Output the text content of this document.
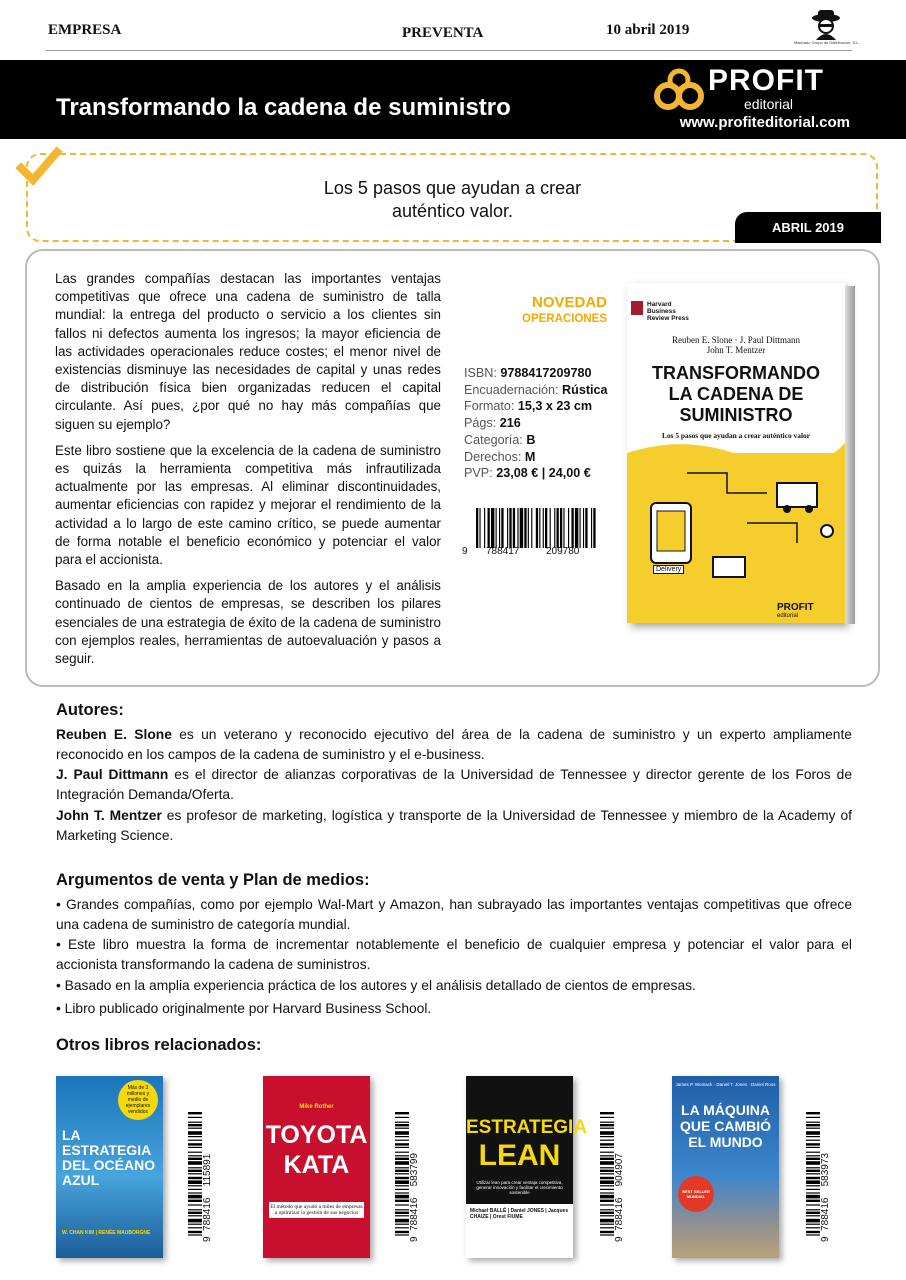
EMPRESA	PREVENTA	10 abril 2019
Machado Grupo de Distribución, S.L.
Transformando la cadena de suministro
PROFIT
editorial
www.profiteditorial.com
Los 5 pasos que ayudan a crear
auténtico valor.
ABRIL 2019

Las grandes compañías destacan las importantes ventajas competitivas que ofrece una cadena de suministro de talla mundial: la entrega del producto o servicio a los clientes sin fallos ni defectos aumenta los ingresos; la mayor eficiencia de las actividades operacionales reduce costes; el menor nivel de existencias disminuye las necesidades de capital y unas redes de distribución física bien organizadas reducen el capital circulante. Así pues, ¿por qué no hay más compañías que siguen su ejemplo?

Este libro sostiene que la excelencia de la cadena de suministro es quizás la herramienta competitiva más infrautilizada actualmente por las empresas. Al eliminar discontinuidades, aumentar eficiencias con rapidez y mejorar el rendimiento de la actividad a lo largo de este camino crítico, se puede aumentar de forma notable el beneficio económico y potenciar el valor para el accionista.

Basado en la amplia experiencia de los autores y el análisis continuado de cientos de empresas, se describen los pilares esenciales de una estrategia de éxito de la cadena de suministro con ejemplos reales, herramientas de autoevaluación y pasos a seguir.

NOVEDAD
OPERACIONES
ISBN: 9788417209780
Encuadernación: Rústica
Formato: 15,3 x 23 cm
Págs: 216
Categoría: B
Derechos: M
PVP: 23,08 € | 24,00 €
9 788417	209780
Harvard Business Review Press
Reuben E. Slone · J. Paul Dittmann
John T. Mentzer
TRANSFORMANDO
LA CADENA DE
SUMINISTRO
Los 5 pasos que ayudan a crear auténtico valor
Delivery
PROFIT
editorial
Autores:
Reuben E. Slone es un veterano y reconocido ejecutivo del área de la cadena de suministro y un experto ampliamente reconocido en los campos de la cadena de suministro y el e-business.
J. Paul Dittmann es el director de alianzas corporativas de la Universidad de Tennessee y director gerente de los Foros de Integración Demanda/Oferta.
John T. Mentzer es profesor de marketing, logística y transporte de la Universidad de Tennessee y miembro de la Academy of Marketing Science.
Argumentos de venta y Plan de medios:
• Grandes compañías, como por ejemplo Wal-Mart y Amazon, han subrayado las importantes ventajas competitivas que ofrece una cadena de suministro de categoría mundial.
• Este libro muestra la forma de incrementar notablemente el beneficio de cualquier empresa y potenciar el valor para el accionista transformando la cadena de suministros.
• Basado en la amplia experiencia práctica de los autores y el análisis detallado de cientos de empresas.
• Libro publicado originalmente por Harvard Business School.
Otros libros relacionados:
Más de 3 millones y medio de ejemplares vendidos
LA
ESTRATEGIA
DEL OCÉANO
AZUL
W. CHAN KIM | RENÉE MAUBORGNE
9  788416    115891

Mike Rother
TOYOTA
KATA
El método que ayudó a miles de empresas a optimizar la gestión de sus negocios
9  788416    583799
ESTRATEGIA
LEAN
Utilizar lean para crear ventaja competitiva, generar innovación y facilitar el crecimiento sostenible
Michael BALLÉ | Daniel JONES | Jacques CHAIZE | Orest FIUME
9  788416    904907
James P. Womack · Daniel T. Jones · Daniel Roos
LA MÁQUINA
QUE CAMBIÓ
EL MUNDO
BEST SELLER MUNDIAL
9  788416    583973
